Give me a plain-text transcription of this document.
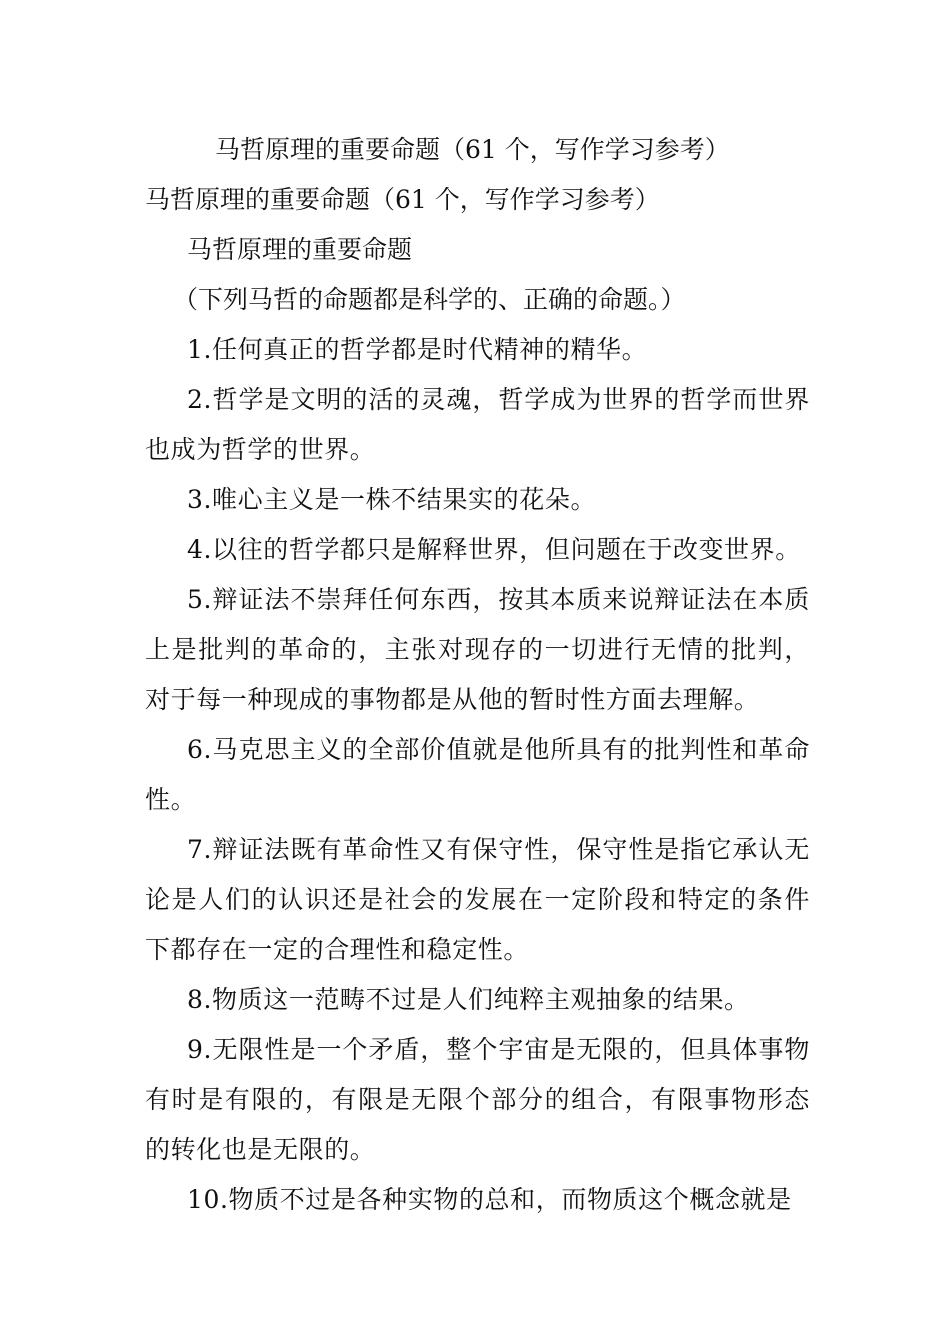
马哲原理的重要命题（61 个，写作学习参考）

马哲原理的重要命题（61 个，写作学习参考）

马哲原理的重要命题

（下列马哲的命题都是科学的、正确的命题。）

1.任何真正的哲学都是时代精神的精华。

2.哲学是文明的活的灵魂，哲学成为世界的哲学而世界也成为哲学的世界。

3.唯心主义是一株不结果实的花朵。

4.以往的哲学都只是解释世界，但问题在于改变世界。

5.辩证法不崇拜任何东西，按其本质来说辩证法在本质上是批判的革命的，主张对现存的一切进行无情的批判，对于每一种现成的事物都是从他的暂时性方面去理解。

6.马克思主义的全部价值就是他所具有的批判性和革命性。

7.辩证法既有革命性又有保守性，保守性是指它承认无论是人们的认识还是社会的发展在一定阶段和特定的条件下都存在一定的合理性和稳定性。

8.物质这一范畴不过是人们纯粹主观抽象的结果。

9.无限性是一个矛盾，整个宇宙是无限的，但具体事物有时是有限的，有限是无限个部分的组合，有限事物形态的转化也是无限的。

10.物质不过是各种实物的总和，而物质这个概念就是
